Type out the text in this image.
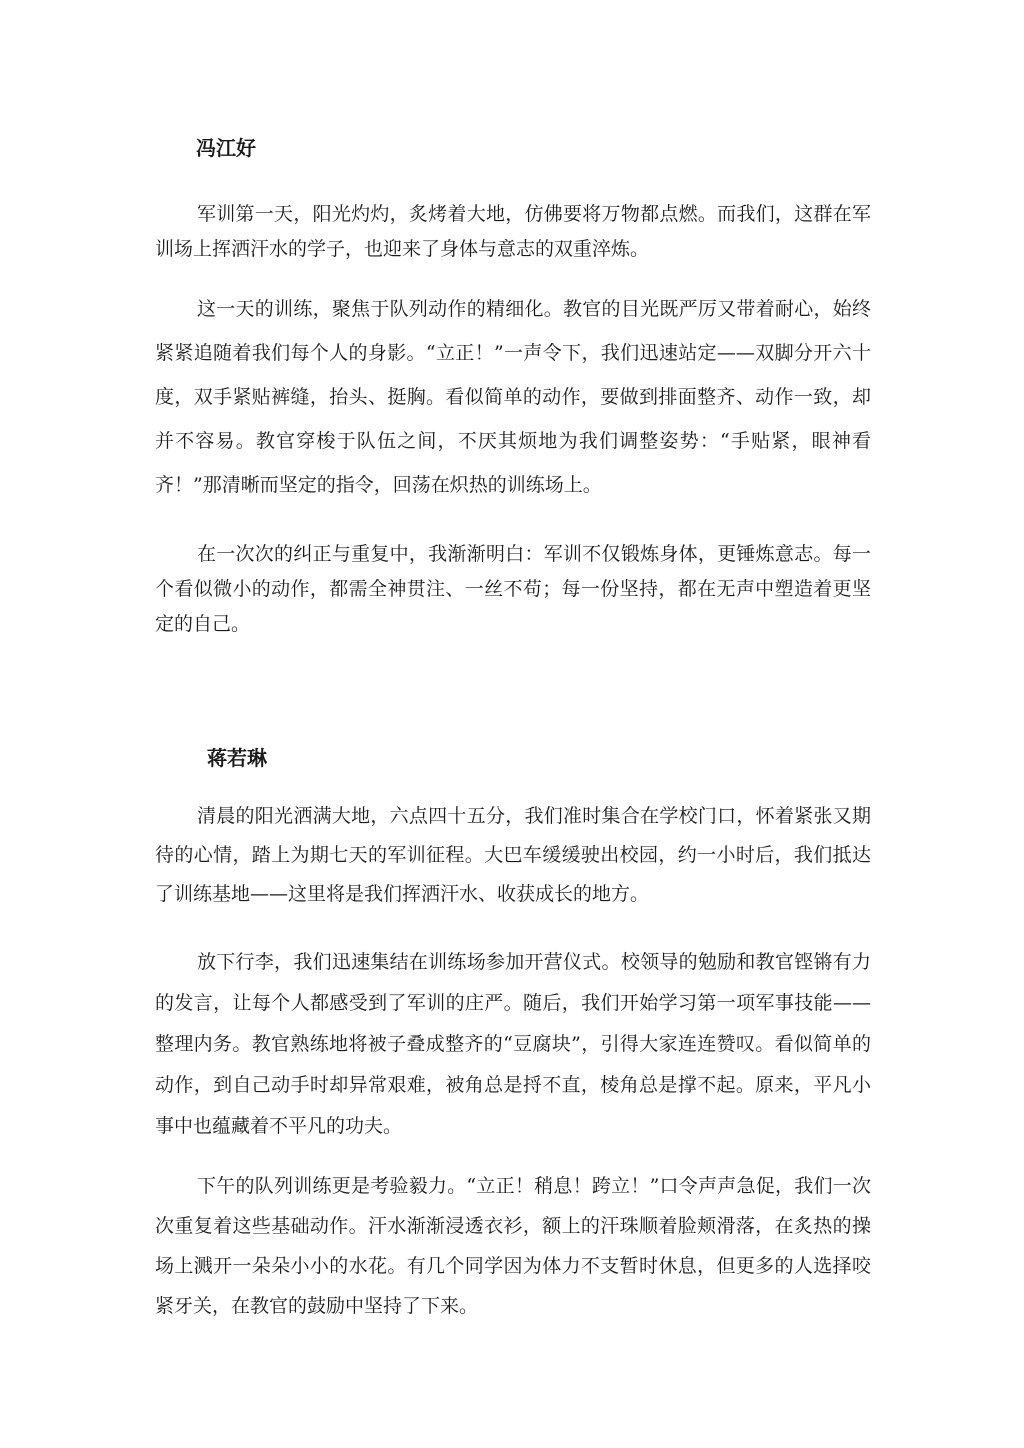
冯江好

军训第一天，阳光灼灼，炙烤着大地，仿佛要将万物都点燃。而我们，这群在军训场上挥洒汗水的学子，也迎来了身体与意志的双重淬炼。

这一天的训练，聚焦于队列动作的精细化。教官的目光既严厉又带着耐心，始终紧紧追随着我们每个人的身影。“立正！”一声令下，我们迅速站定——双脚分开六十度，双手紧贴裤缝，抬头、挺胸。看似简单的动作，要做到排面整齐、动作一致，却并不容易。教官穿梭于队伍之间，不厌其烦地为我们调整姿势：“手贴紧，眼神看齐！”那清晰而坚定的指令，回荡在炽热的训练场上。

在一次次的纠正与重复中，我渐渐明白：军训不仅锻炼身体，更锤炼意志。每一个看似微小的动作，都需全神贯注、一丝不苟；每一份坚持，都在无声中塑造着更坚定的自己。

蒋若琳

清晨的阳光洒满大地，六点四十五分，我们准时集合在学校门口，怀着紧张又期待的心情，踏上为期七天的军训征程。大巴车缓缓驶出校园，约一小时后，我们抵达了训练基地——这里将是我们挥洒汗水、收获成长的地方。

放下行李，我们迅速集结在训练场参加开营仪式。校领导的勉励和教官铿锵有力的发言，让每个人都感受到了军训的庄严。随后，我们开始学习第一项军事技能——整理内务。教官熟练地将被子叠成整齐的“豆腐块”，引得大家连连赞叹。看似简单的动作，到自己动手时却异常艰难，被角总是捋不直，棱角总是撑不起。原来，平凡小事中也蕴藏着不平凡的功夫。

下午的队列训练更是考验毅力。“立正！稍息！跨立！”口令声声急促，我们一次次重复着这些基础动作。汗水渐渐浸透衣衫，额上的汗珠顺着脸颊滑落，在炙热的操场上溅开一朵朵小小的水花。有几个同学因为体力不支暂时休息，但更多的人选择咬紧牙关，在教官的鼓励中坚持了下来。
